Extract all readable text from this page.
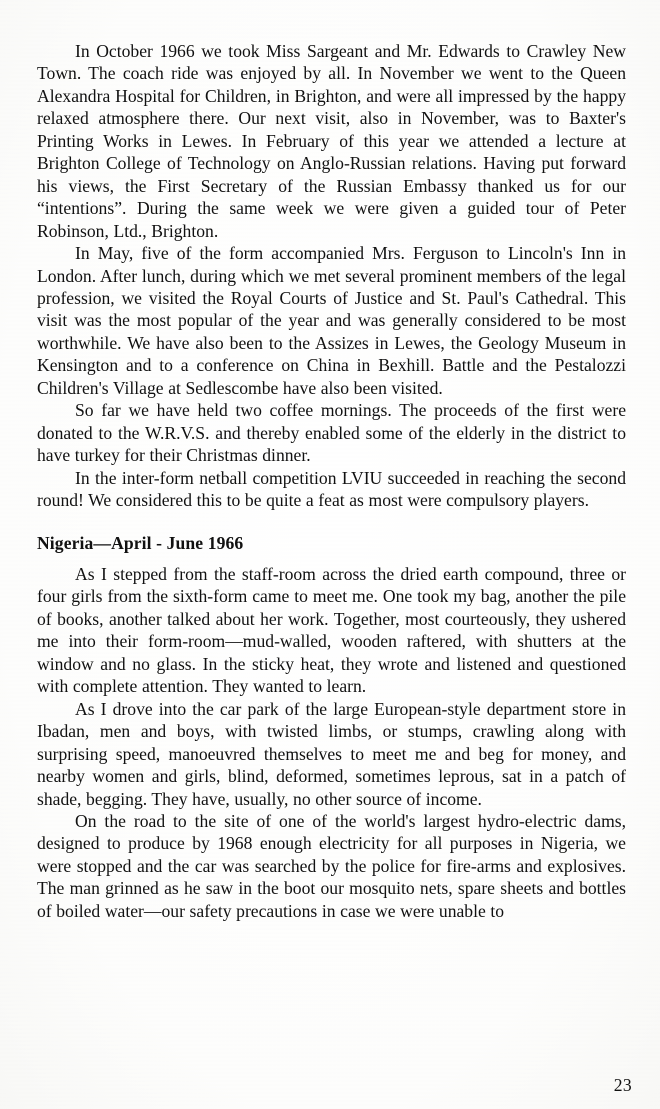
In October 1966 we took Miss Sargeant and Mr. Edwards to Crawley New Town. The coach ride was enjoyed by all. In November we went to the Queen Alexandra Hospital for Children, in Brighton, and were all impressed by the happy relaxed atmosphere there. Our next visit, also in November, was to Baxter's Printing Works in Lewes. In February of this year we attended a lecture at Brighton College of Technology on Anglo-Russian relations. Having put forward his views, the First Secretary of the Russian Embassy thanked us for our “intentions”. During the same week we were given a guided tour of Peter Robinson, Ltd., Brighton.

In May, five of the form accompanied Mrs. Ferguson to Lincoln's Inn in London. After lunch, during which we met several prominent members of the legal profession, we visited the Royal Courts of Justice and St. Paul's Cathedral. This visit was the most popular of the year and was generally considered to be most worthwhile. We have also been to the Assizes in Lewes, the Geology Museum in Kensington and to a conference on China in Bexhill. Battle and the Pestalozzi Children's Village at Sedlescombe have also been visited.

So far we have held two coffee mornings. The proceeds of the first were donated to the W.R.V.S. and thereby enabled some of the elderly in the district to have turkey for their Christmas dinner.

In the inter-form netball competition LVIU succeeded in reaching the second round! We considered this to be quite a feat as most were compulsory players.

Nigeria—April - June 1966

As I stepped from the staff-room across the dried earth compound, three or four girls from the sixth-form came to meet me. One took my bag, another the pile of books, another talked about her work. Together, most courteously, they ushered me into their form-room—mud-walled, wooden raftered, with shutters at the window and no glass. In the sticky heat, they wrote and listened and questioned with complete attention. They wanted to learn.

As I drove into the car park of the large European-style department store in Ibadan, men and boys, with twisted limbs, or stumps, crawling along with surprising speed, manoeuvred themselves to meet me and beg for money, and nearby women and girls, blind, deformed, sometimes leprous, sat in a patch of shade, begging. They have, usually, no other source of income.

On the road to the site of one of the world's largest hydro-electric dams, designed to produce by 1968 enough electricity for all purposes in Nigeria, we were stopped and the car was searched by the police for fire-arms and explosives. The man grinned as he saw in the boot our mosquito nets, spare sheets and bottles of boiled water—our safety precautions in case we were unable to

23
